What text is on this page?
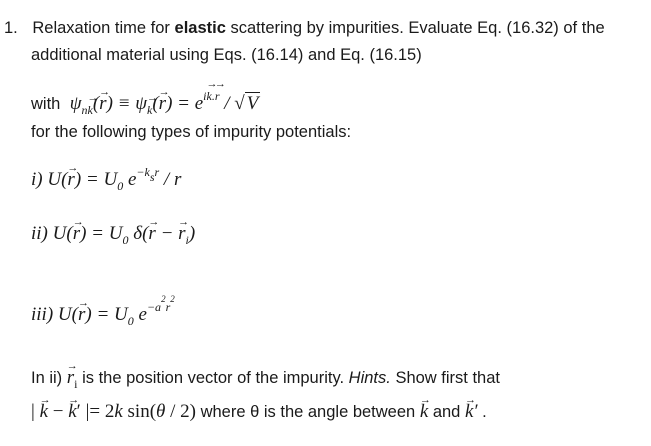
1. Relaxation time for elastic scattering by impurities. Evaluate Eq. (16.32) of the
additional material using Eqs. (16.14) and Eq. (16.15)
with  $\psi_{nk} \to(r$ →) ≡ $\psi_k \to(r$ →) = $e^{ik \to.r}$ → / √ V
for the following types of impurity potentials:
i) U(r →) = $U_0$ $e^{-k_sr}$ / r
ii) U(r →) = $U_0$ δ(r → − $r \to_i$)
iii) U(r →) = $U_0$ $e^{-a^2r^2}$
In ii) $r \to_i$ is the position vector of the impurity. Hints. Show first that
| k → − k →′ |= 2k sin(θ / 2) where θ is the angle between k → and k →′ .
